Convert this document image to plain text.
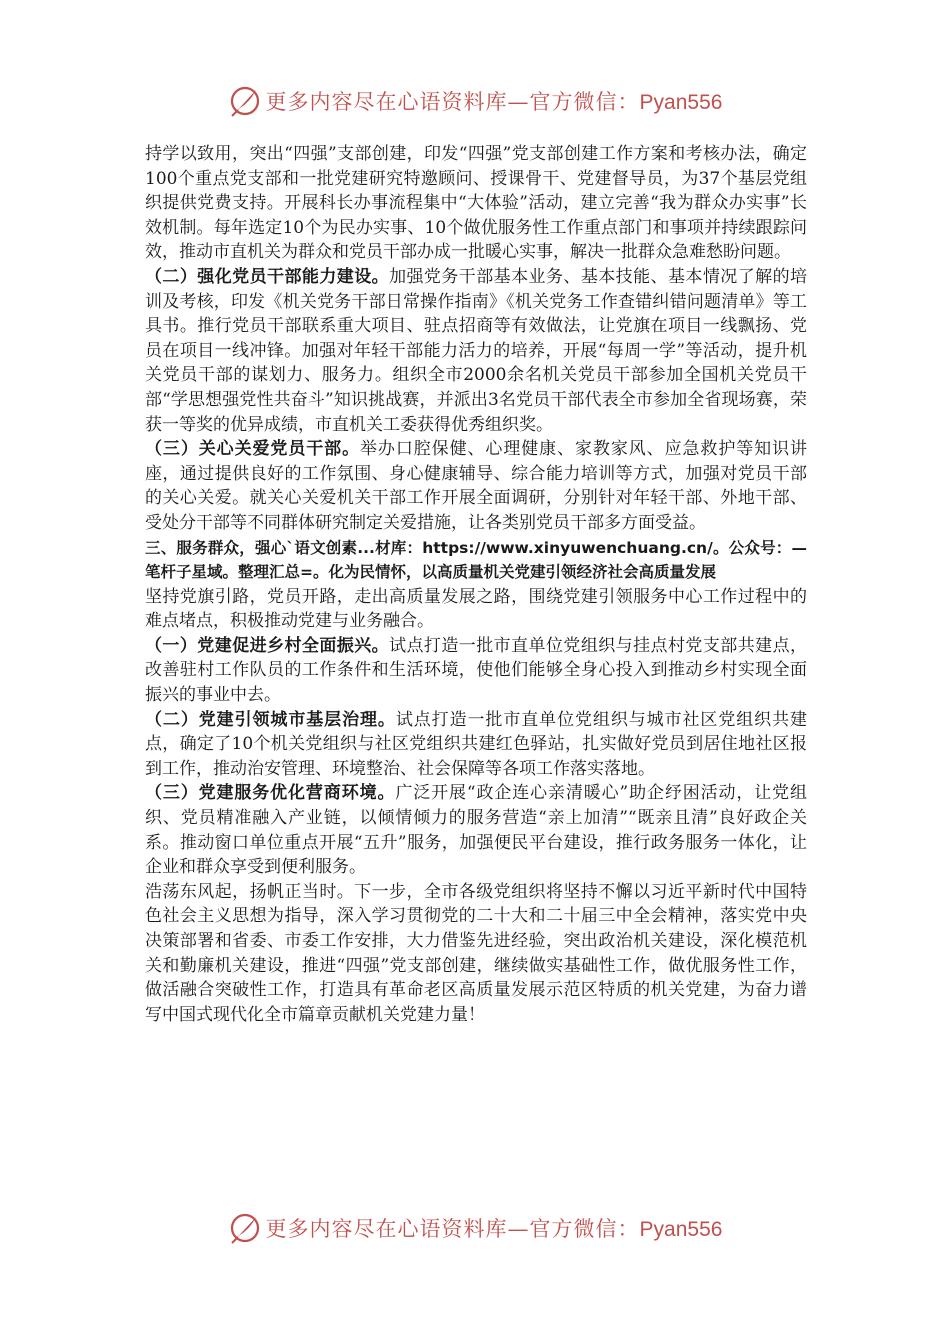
更多内容尽在心语资料库—官方微信：Pyan556

持学以致用，突出“四强”支部创建，印发“四强”党支部创建工作方案和考核办法，确定100个重点党支部和一批党建研究特邀顾问、授课骨干、党建督导员，为37个基层党组织提供党费支持。开展科长办事流程集中“大体验”活动，建立完善“我为群众办实事”长效机制。每年选定10个为民办实事、10个做优服务性工作重点部门和事项并持续跟踪问效，推动市直机关为群众和党员干部办成一批暖心实事，解决一批群众急难愁盼问题。

（二）强化党员干部能力建设。加强党务干部基本业务、基本技能、基本情况了解的培训及考核，印发《机关党务干部日常操作指南》《机关党务工作查错纠错问题清单》等工具书。推行党员干部联系重大项目、驻点招商等有效做法，让党旗在项目一线飘扬、党员在项目一线冲锋。加强对年轻干部能力活力的培养，开展“每周一学”等活动，提升机关党员干部的谋划力、服务力。组织全市2000余名机关党员干部参加全国机关党员干部“学思想强党性共奋斗”知识挑战赛，并派出3名党员干部代表全市参加全省现场赛，荣获一等奖的优异成绩，市直机关工委获得优秀组织奖。

（三）关心关爱党员干部。举办口腔保健、心理健康、家教家风、应急救护等知识讲座，通过提供良好的工作氛围、身心健康辅导、综合能力培训等方式，加强对党员干部的关心关爱。就关心关爱机关干部工作开展全面调研，分别针对年轻干部、外地干部、受处分干部等不同群体研究制定关爱措施，让各类别党员干部多方面受益。

三、服务群众，强心`语文创素...材库：https://www.xinyuwenchuang.cn/。公众号：—笔杆子星域。整理汇总=。化为民情怀，以高质量机关党建引领经济社会高质量发展

坚持党旗引路，党员开路，走出高质量发展之路，围绕党建引领服务中心工作过程中的难点堵点，积极推动党建与业务融合。

（一）党建促进乡村全面振兴。试点打造一批市直单位党组织与挂点村党支部共建点，改善驻村工作队员的工作条件和生活环境，使他们能够全身心投入到推动乡村实现全面振兴的事业中去。

（二）党建引领城市基层治理。试点打造一批市直单位党组织与城市社区党组织共建点，确定了10个机关党组织与社区党组织共建红色驿站，扎实做好党员到居住地社区报到工作，推动治安管理、环境整治、社会保障等各项工作落实落地。

（三）党建服务优化营商环境。广泛开展“政企连心亲清暖心”助企纾困活动，让党组织、党员精准融入产业链，以倾情倾力的服务营造“亲上加清”“既亲且清”良好政企关系。推动窗口单位重点开展“五升”服务，加强便民平台建设，推行政务服务一体化，让企业和群众享受到便利服务。

浩荡东风起，扬帆正当时。下一步，全市各级党组织将坚持不懈以习近平新时代中国特色社会主义思想为指导，深入学习贯彻党的二十大和二十届三中全会精神，落实党中央决策部署和省委、市委工作安排，大力借鉴先进经验，突出政治机关建设，深化模范机关和勤廉机关建设，推进“四强”党支部创建，继续做实基础性工作，做优服务性工作，做活融合突破性工作，打造具有革命老区高质量发展示范区特质的机关党建，为奋力谱写中国式现代化全市篇章贡献机关党建力量！

更多内容尽在心语资料库—官方微信：Pyan556
